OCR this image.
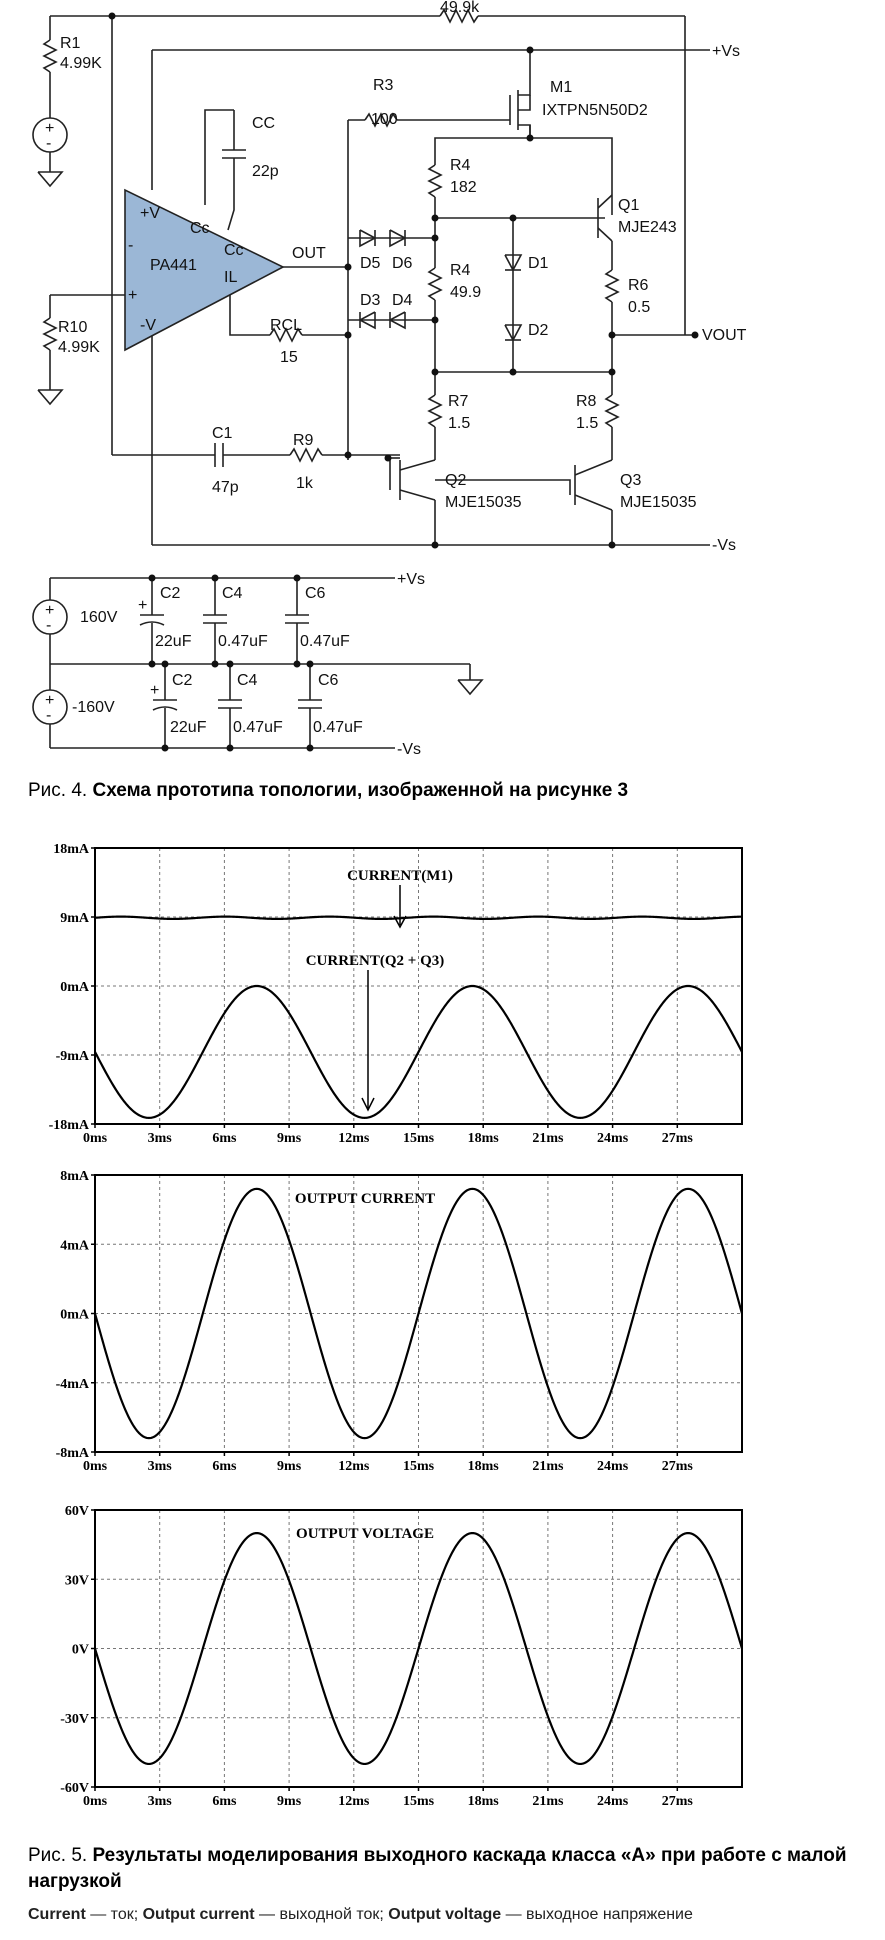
+
-
+
-
+
-
+
+
-
+
49.9k
R1
4.99K
CC
22p
+V
Cc
Cc
PA441
IL
-V
OUT
R10
4.99K
R3
100
M1
IXTPN5N50D2
R4
182
R4
49.9
D5 D6
D3 D4
D1
D2
RCL
15
Q1
MJE243
R6
0.5
+Vs
VOUT
R7
1.5
R8
1.5
C1
47p
R9
1k	Q2
MJE15035
Q3
MJE15035
-Vs
160V
-160V
C2
22uF
C4
0.47uF
C6
0.47uF
C2
22uF
C4
0.47uF
C6
0.47uF
+Vs
-Vs
Рис. 4. Схема прототипа топологии, изображенной на рисунке 3
18mA
9mA
0mA
-9mA
-18mA
0ms	3ms	6ms	9ms	12ms 15ms 18ms 21ms 24ms 27ms
CURRENT(M1)
CURRENT(Q2 + Q3)
8mA
4mA
0mA
-4mA
-8mA
0ms	3ms	6ms	9ms	12ms 15ms 18ms 21ms 24ms 27ms
OUTPUT CURRENT
60V
30V
0V
-30V
-60V
0ms	3ms	6ms	9ms	12ms 15ms 18ms 21ms 24ms 27ms
OUTPUT VOLTAGE
Рис. 5. Результаты моделирования выходного каскада класса «А» при работе с малой нагрузкой
Current — ток; Output current — выходной ток; Output voltage — выходное напряжение
